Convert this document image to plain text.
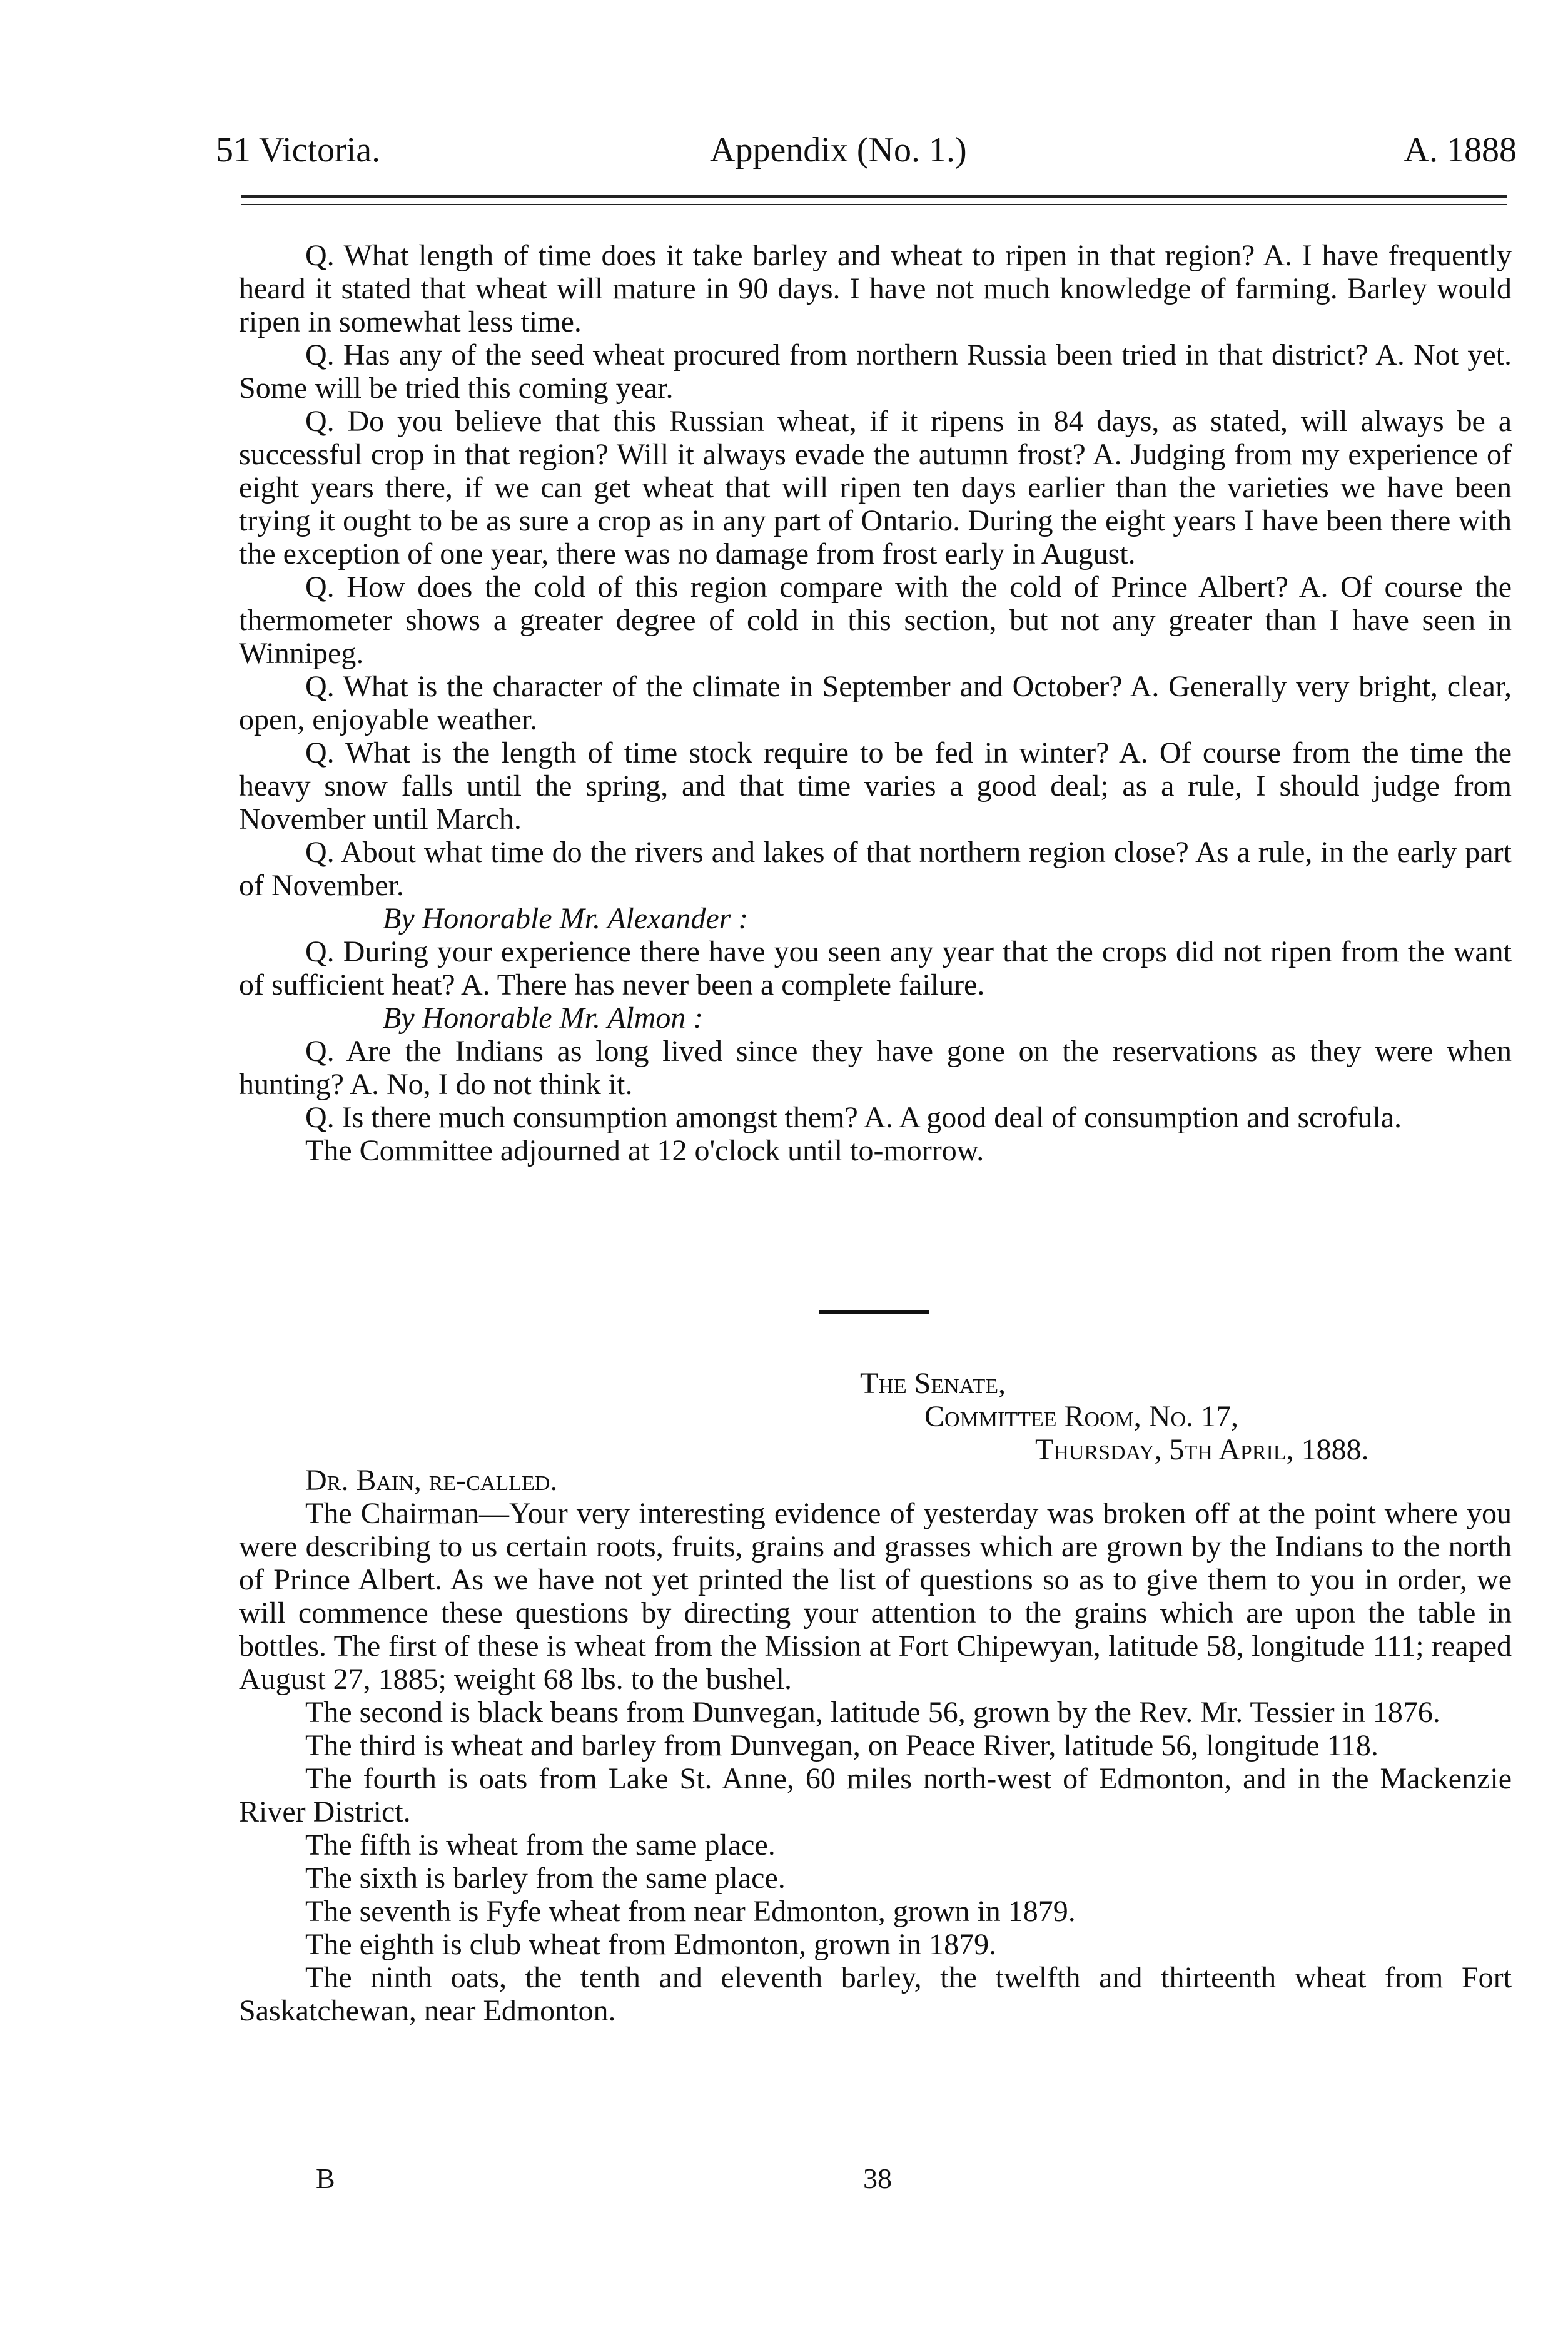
51 Victoria.	Appendix (No. 1.)	A. 1888

Q. What length of time does it take barley and wheat to ripen in that region? A. I have frequently heard it stated that wheat will mature in 90 days. I have not much knowledge of farming. Barley would ripen in somewhat less time.

Q. Has any of the seed wheat procured from northern Russia been tried in that district? A. Not yet. Some will be tried this coming year.

Q. Do you believe that this Russian wheat, if it ripens in 84 days, as stated, will always be a successful crop in that region? Will it always evade the autumn frost? A. Judging from my experience of eight years there, if we can get wheat that will ripen ten days earlier than the varieties we have been trying it ought to be as sure a crop as in any part of Ontario. During the eight years I have been there with the exception of one year, there was no damage from frost early in August.

Q. How does the cold of this region compare with the cold of Prince Albert? A. Of course the thermometer shows a greater degree of cold in this section, but not any greater than I have seen in Winnipeg.

Q. What is the character of the climate in September and October? A. Generally very bright, clear, open, enjoyable weather.

Q. What is the length of time stock require to be fed in winter? A. Of course from the time the heavy snow falls until the spring, and that time varies a good deal; as a rule, I should judge from November until March.

Q. About what time do the rivers and lakes of that northern region close? As a rule, in the early part of November.

By Honorable Mr. Alexander :

Q. During your experience there have you seen any year that the crops did not ripen from the want of sufficient heat? A. There has never been a complete failure.

By Honorable Mr. Almon :

Q. Are the Indians as long lived since they have gone on the reservations as they were when hunting? A. No, I do not think it.

Q. Is there much consumption amongst them? A. A good deal of consumption and scrofula.

The Committee adjourned at 12 o'clock until to-morrow.
The Senate,
Committee Room, No. 17,
Thursday, 5th April, 1888.

Dr. Bain, re-called.

The Chairman—Your very interesting evidence of yesterday was broken off at the point where you were describing to us certain roots, fruits, grains and grasses which are grown by the Indians to the north of Prince Albert. As we have not yet printed the list of questions so as to give them to you in order, we will commence these questions by directing your attention to the grains which are upon the table in bottles. The first of these is wheat from the Mission at Fort Chipewyan, latitude 58, longitude 111; reaped August 27, 1885; weight 68 lbs. to the bushel.

The second is black beans from Dunvegan, latitude 56, grown by the Rev. Mr. Tessier in 1876.

The third is wheat and barley from Dunvegan, on Peace River, latitude 56, longitude 118.

The fourth is oats from Lake St. Anne, 60 miles north-west of Edmonton, and in the Mackenzie River District.

The fifth is wheat from the same place.

The sixth is barley from the same place.

The seventh is Fyfe wheat from near Edmonton, grown in 1879.

The eighth is club wheat from Edmonton, grown in 1879.

The ninth oats, the tenth and eleventh barley, the twelfth and thirteenth wheat from Fort Saskatchewan, near Edmonton.

B	38
